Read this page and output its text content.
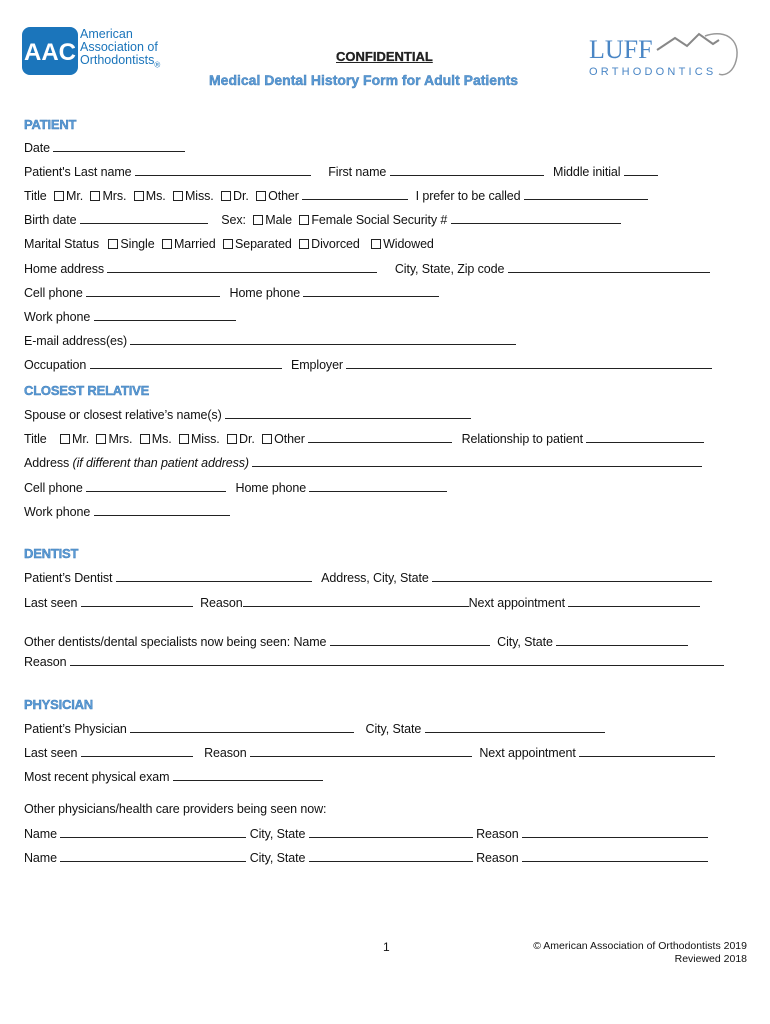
AAC
American
Association of
Orthodontists$_®$
CONFIDENTIAL
Medical Dental History Form for Adult Patients
LUFF
ORTHODONTICS
PATIENT
Date
Patient's Last name	First name	Middle initial
Title Mr. Mrs. Ms. Miss. Dr. Other	I prefer to be called
Birth date	Sex: Male Female Social Security #
Marital Status Single Married Separated Divorced Widowed
Home address	City, State, Zip code
Cell phone	Home phone
Work phone
E-mail address(es)
Occupation	Employer
CLOSEST RELATIVE
Spouse or closest relative’s name(s)
Title Mr. Mrs. Ms. Miss. Dr. Other	Relationship to patient
Address (if different than patient address)
Cell phone	Home phone
Work phone
DENTIST
Patient’s Dentist	Address, City, State
Last seen	Reason	Next appointment
Other dentists/dental specialists now being seen: Name	City, State
Reason
PHYSICIAN
Patient’s Physician	City, State
Last seen	Reason	Next appointment
Most recent physical exam
Other physicians/health care providers being seen now:
Name	City, State	Reason
Name	City, State	Reason
1	© American Association of Orthodontists 2019
Reviewed 2018
